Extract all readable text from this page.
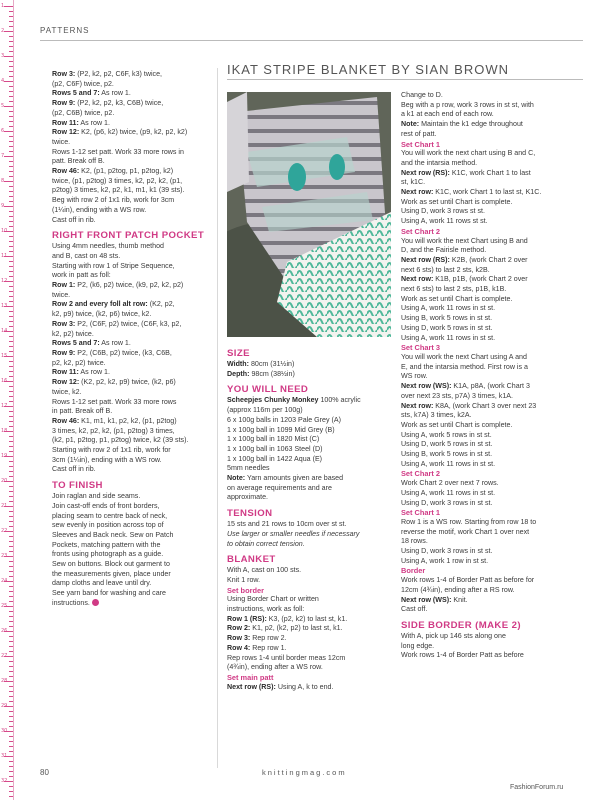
1
2
3
4
5
6
7
8
9
10
11
12
13
14
15
16
17
18
19
20
21
22
23
24
25
26
27
28
29
30
31
32
PATTERNS

Row 3: (P2, k2, p2, C6F, k3) twice,

(p2, C6F) twice, p2.

Rows 5 and 7: As row 1.

Row 9: (P2, k2, p2, k3, C6B) twice,

(p2, C6B) twice, p2.

Row 11: As row 1.

Row 12: K2, (p6, k2) twice, (p9, k2, p2, k2)

twice.

Rows 1-12 set patt. Work 33 more rows in

patt. Break off B.

Row 46: K2, (p1, p2tog, p1, p2tog, k2)

twice, (p1, p2tog) 3 times, k2, p2, k2, (p1,

p2tog) 3 times, k2, p2, k1, m1, k1 (39 sts).

Beg with row 2 of 1x1 rib, work for 3cm

(1¼in), ending with a WS row.

Cast off in rib.

RIGHT FRONT PATCH POCKET

Using 4mm needles, thumb method

and B, cast on 48 sts.

Starting with row 1 of Stripe Sequence,

work in patt as foll:

Row 1: P2, (k6, p2) twice, (k9, p2, k2, p2)

twice.

Row 2 and every foll alt row: (K2, p2,

k2, p9) twice, (k2, p6) twice, k2.

Row 3: P2, (C6F, p2) twice, (C6F, k3, p2,

k2, p2) twice.

Rows 5 and 7: As row 1.

Row 9: P2, (C6B, p2) twice, (k3, C6B,

p2, k2, p2) twice.

Row 11: As row 1.

Row 12: (K2, p2, k2, p9) twice, (k2, p6)

twice, k2.

Rows 1-12 set patt. Work 33 more rows

in patt. Break off B.

Row 46: K1, m1, k1, p2, k2, (p1, p2tog)

3 times, k2, p2, k2, (p1, p2tog) 3 times,

(k2, p1, p2tog, p1, p2tog) twice, k2 (39 sts).

Starting with row 2 of 1x1 rib, work for

3cm (1¼in), ending with a WS row.

Cast off in rib.

TO FINISH

Join raglan and side seams.

Join cast-off ends of front borders,

placing seam to centre back of neck,

sew evenly in position across top of

Sleeves and Back neck. Sew on Patch

Pockets, matching pattern with the

fronts using photograph as a guide.

Sew on buttons. Block out garment to

the measurements given, place under

damp cloths and leave until dry.

See yarn band for washing and care

instructions.

IKAT STRIPE BLANKET BY SIAN BROWN
SIZE

Width: 80cm (31½in)

Depth: 98cm (38½in)

YOU WILL NEED

Scheepjes Chunky Monkey 100% acrylic

(approx 116m per 100g)

6 x 100g balls in 1203 Pale Grey (A)

1 x 100g ball in 1099 Mid Grey (B)

1 x 100g ball in 1820 Mist (C)

1 x 100g ball in 1063 Steel (D)

1 x 100g ball in 1422 Aqua (E)

5mm needles

Note: Yarn amounts given are based

on average requirements and are

approximate.

TENSION

15 sts and 21 rows to 10cm over st st.

Use larger or smaller needles if necessary

to obtain correct tension.

BLANKET

With A, cast on 100 sts.

Knit 1 row.

Set border

Using Border Chart or written

instructions, work as foll:

Row 1 (RS): K3, (p2, k2) to last st, k1.

Row 2: K1, p2, (k2, p2) to last st, k1.

Row 3: Rep row 2.

Row 4: Rep row 1.

Rep rows 1-4 until border meas 12cm

(4¾in), ending after a WS row.

Set main patt

Next row (RS): Using A, k to end.

Change to D.

Beg with a p row, work 3 rows in st st, with

a k1 at each end of each row.

Note: Maintain the k1 edge throughout

rest of patt.

Set Chart 1

You will work the next chart using B and C,

and the intarsia method.

Next row (RS): K1C, work Chart 1 to last

st, k1C.

Next row: K1C, work Chart 1 to last st, K1C.

Work as set until Chart is complete.

Using D, work 3 rows st st.

Using A, work 11 rows st st.

Set Chart 2

You will work the next Chart using B and

D, and the Fairisle method.

Next row (RS): K2B, (work Chart 2 over

next 6 sts) to last 2 sts, k2B.

Next row: K1B, p1B, (work Chart 2 over

next 6 sts) to last 2 sts, p1B, k1B.

Work as set until Chart is complete.

Using A, work 11 rows in st st.

Using B, work 5 rows in st st.

Using D, work 5 rows in st st.

Using A, work 11 rows in st st.

Set Chart 3

You will work the next Chart using A and

E, and the intarsia method. First row is a

WS row.

Next row (WS): K1A, p8A, (work Chart 3

over next 23 sts, p7A) 3 times, k1A.

Next row: K8A, (work Chart 3 over next 23

sts, k7A) 3 times, k2A.

Work as set until Chart is complete.

Using A, work 5 rows in st st.

Using D, work 5 rows in st st.

Using B, work 5 rows in st st.

Using A, work 11 rows in st st.

Set Chart 2

Work Chart 2 over next 7 rows.

Using A, work 11 rows in st st.

Using D, work 3 rows in st st.

Set Chart 1

Row 1 is a WS row. Starting from row 18 to

reverse the motif, work Chart 1 over next

18 rows.

Using D, work 3 rows in st st.

Using A, work 1 row in st st.

Border

Work rows 1-4 of Border Patt as before for

12cm (4¾in), ending after a RS row.

Next row (WS): Knit.

Cast off.

SIDE BORDER (MAKE 2)

With A, pick up 146 sts along one

long edge.

Work rows 1-4 of Border Patt as before

80	knittingmag.com
FashionForum.ru
